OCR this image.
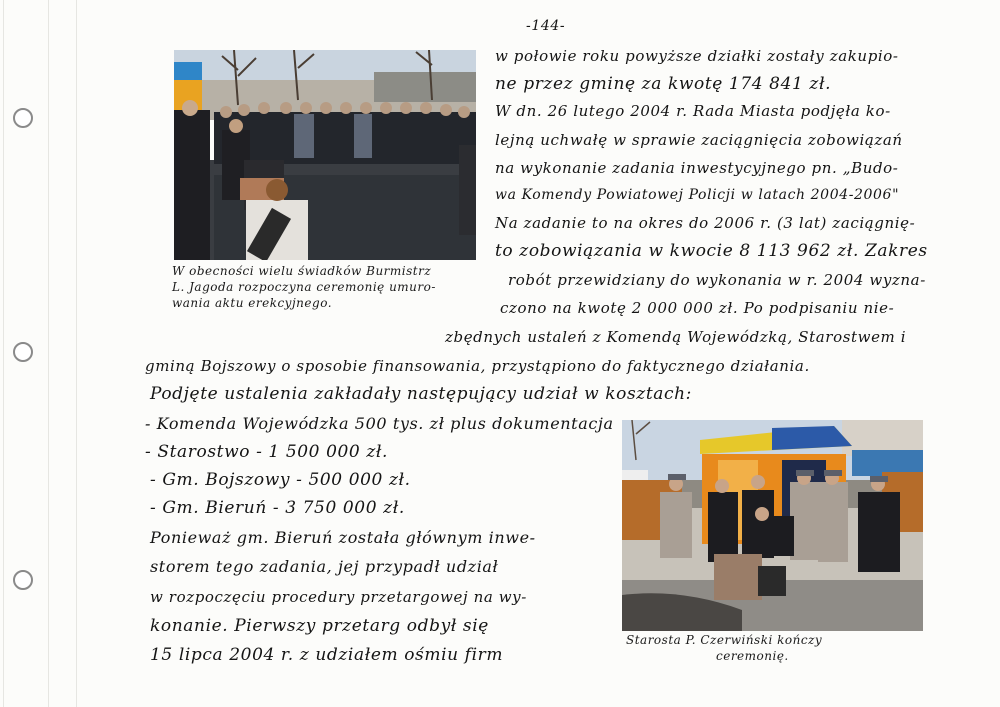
-144-

W obecności wielu świadków Burmistrz

L. Jagoda rozpoczyna ceremonię umuro-

wania aktu erekcyjnego.

Starosta P. Czerwiński kończy

ceremonię.

w połowie roku powyższe działki zostały zakupio-

ne przez gminę za kwotę 174 841 zł.

W dn. 26 lutego 2004 r. Rada Miasta podjęła ko-

lejną uchwałę w sprawie zaciągnięcia zobowiązań

na wykonanie zadania inwestycyjnego pn. „Budo-

wa Komendy Powiatowej Policji w latach 2004-2006"

Na zadanie to na okres do 2006 r. (3 lat) zaciągnię-

to zobowiązania w kwocie 8 113 962 zł. Zakres

robót przewidziany do wykonania w r. 2004 wyzna-

czono na kwotę 2 000 000 zł. Po podpisaniu nie-

zbędnych ustaleń z Komendą Wojewódzką, Starostwem i

gminą Bojszowy o sposobie finansowania, przystąpiono do faktycznego działania.

Podjęte ustalenia zakładały następujący udział w kosztach:

- Komenda Wojewódzka 500 tys. zł plus dokumentacja

- Starostwo - 1 500 000 zł.

- Gm. Bojszowy - 500 000 zł.

- Gm. Bieruń - 3 750 000 zł.

Ponieważ gm. Bieruń została głównym inwe-

storem tego zadania, jej przypadł udział

w rozpoczęciu procedury przetargowej na wy-

konanie. Pierwszy przetarg odbył się

15 lipca 2004 r. z udziałem ośmiu firm
